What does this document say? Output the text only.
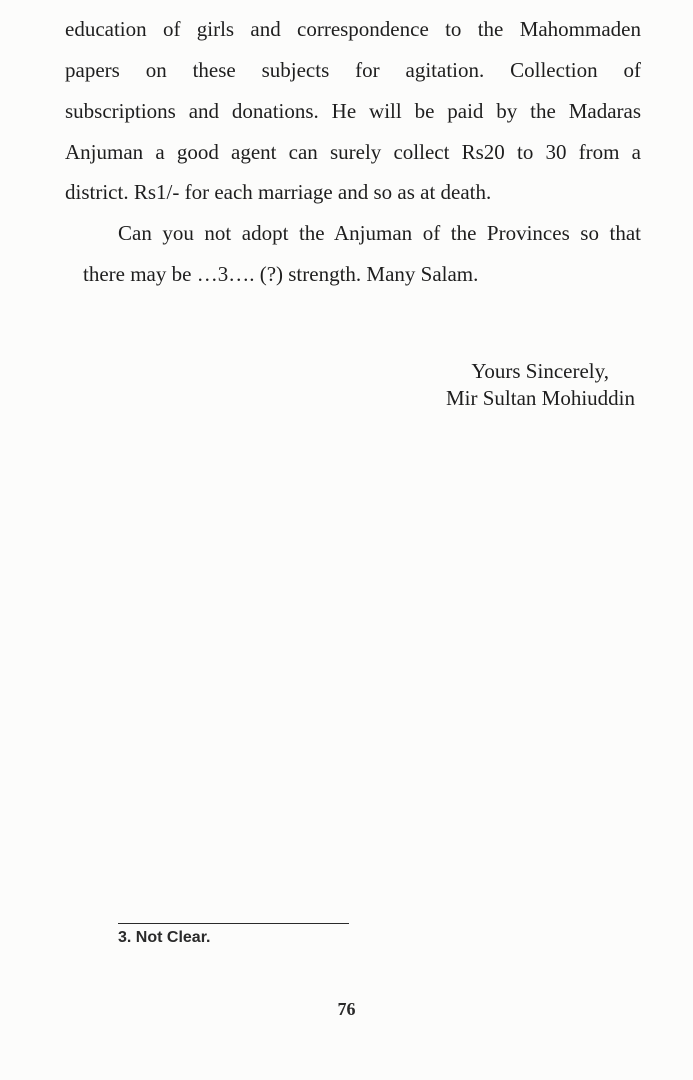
education of girls and correspondence to the Mahommaden
papers on these subjects for agitation. Collection of
subscriptions and donations. He will be paid by the Madaras
Anjuman a good agent can surely collect Rs20 to 30 from a
district. Rs1/- for each marriage and so as at death.
Can you not adopt the Anjuman of the Provinces so that
there may be …3…. (?) strength. Many Salam.
Yours Sincerely,
Mir Sultan Mohiuddin
3. Not Clear.
76
